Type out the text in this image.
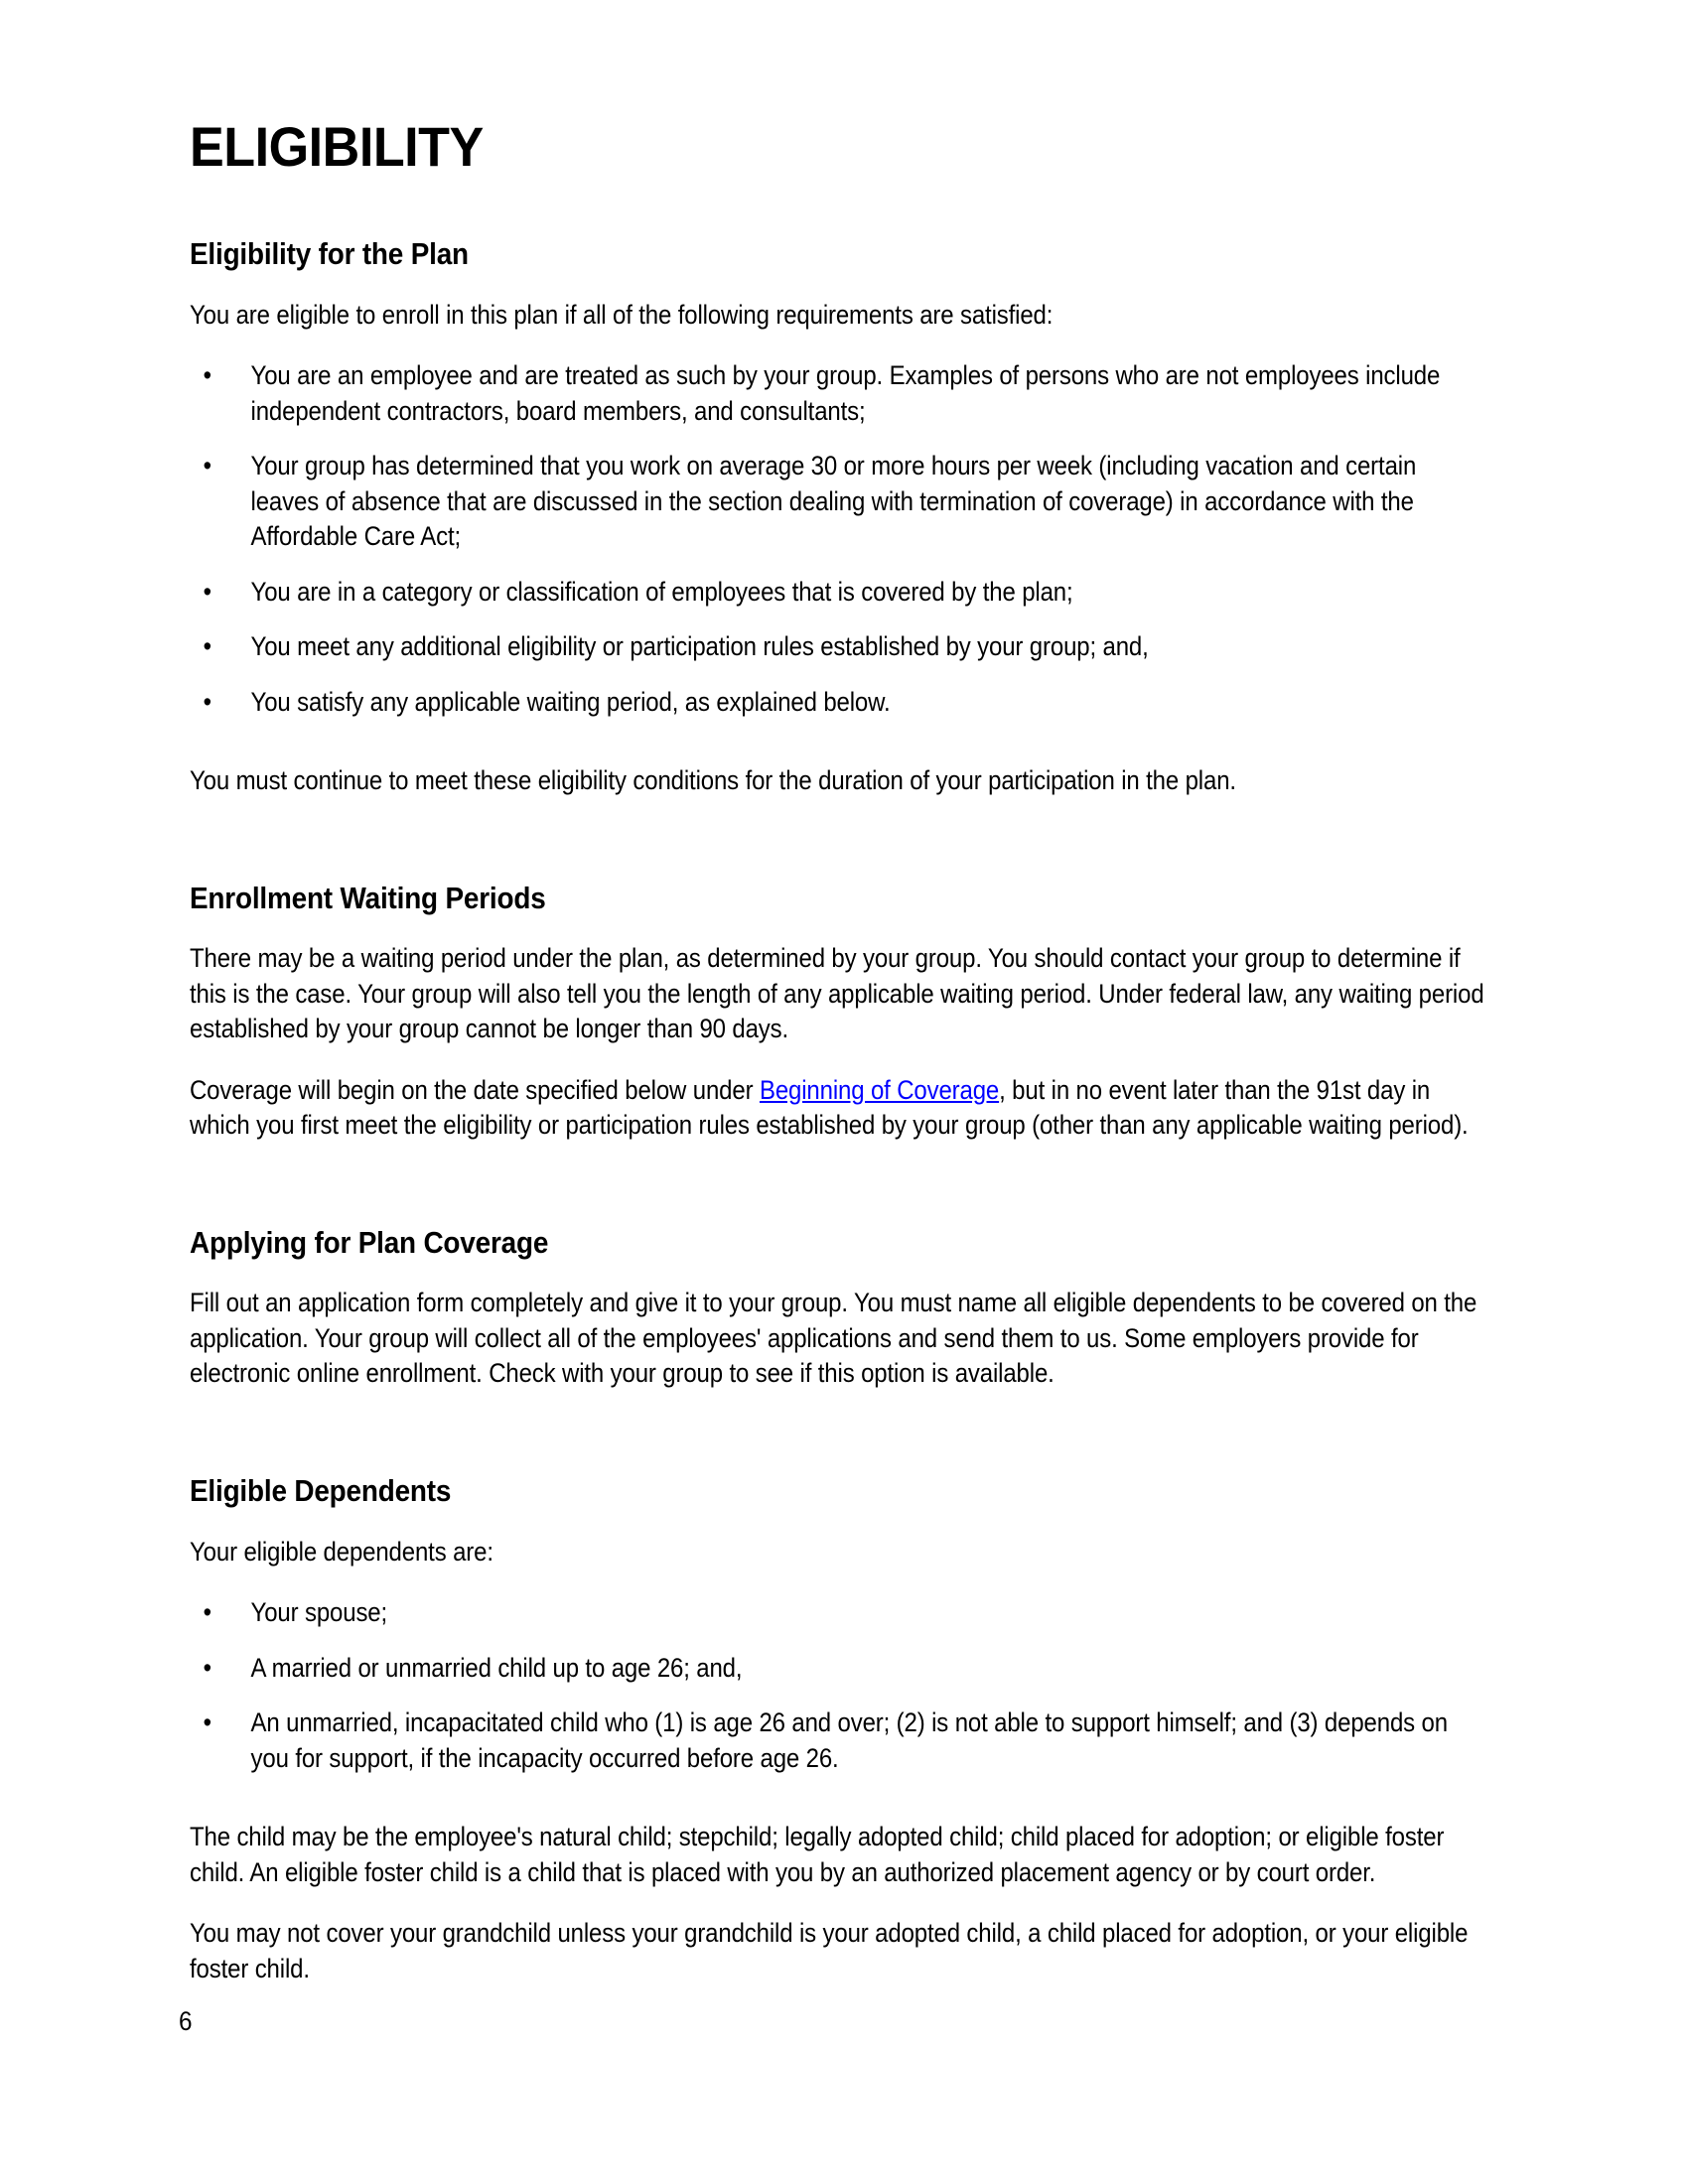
ELIGIBILITY
Eligibility for the Plan

You are eligible to enroll in this plan if all of the following requirements are satisfied:

• You are an employee and are treated as such by your group. Examples of persons who are not employees include independent contractors, board members, and consultants;
• Your group has determined that you work on average 30 or more hours per week (including vacation and certain leaves of absence that are discussed in the section dealing with termination of coverage) in accordance with the Affordable Care Act;
• You are in a category or classification of employees that is covered by the plan;
• You meet any additional eligibility or participation rules established by your group; and,
• You satisfy any applicable waiting period, as explained below.

You must continue to meet these eligibility conditions for the duration of your participation in the plan.

Enrollment Waiting Periods

There may be a waiting period under the plan, as determined by your group. You should contact your group to determine if this is the case. Your group will also tell you the length of any applicable waiting period. Under federal law, any waiting period established by your group cannot be longer than 90 days.

Coverage will begin on the date specified below under Beginning of Coverage, but in no event later than the 91st day in which you first meet the eligibility or participation rules established by your group (other than any applicable waiting period).

Applying for Plan Coverage

Fill out an application form completely and give it to your group. You must name all eligible dependents to be covered on the application. Your group will collect all of the employees' applications and send them to us. Some employers provide for electronic online enrollment. Check with your group to see if this option is available.

Eligible Dependents

Your eligible dependents are:

• Your spouse;
• A married or unmarried child up to age 26; and,
• An unmarried, incapacitated child who (1) is age 26 and over; (2) is not able to support himself; and (3) depends on you for support, if the incapacity occurred before age 26.

The child may be the employee's natural child; stepchild; legally adopted child; child placed for adoption; or eligible foster child. An eligible foster child is a child that is placed with you by an authorized placement agency or by court order.

You may not cover your grandchild unless your grandchild is your adopted child, a child placed for adoption, or your eligible foster child.

6
